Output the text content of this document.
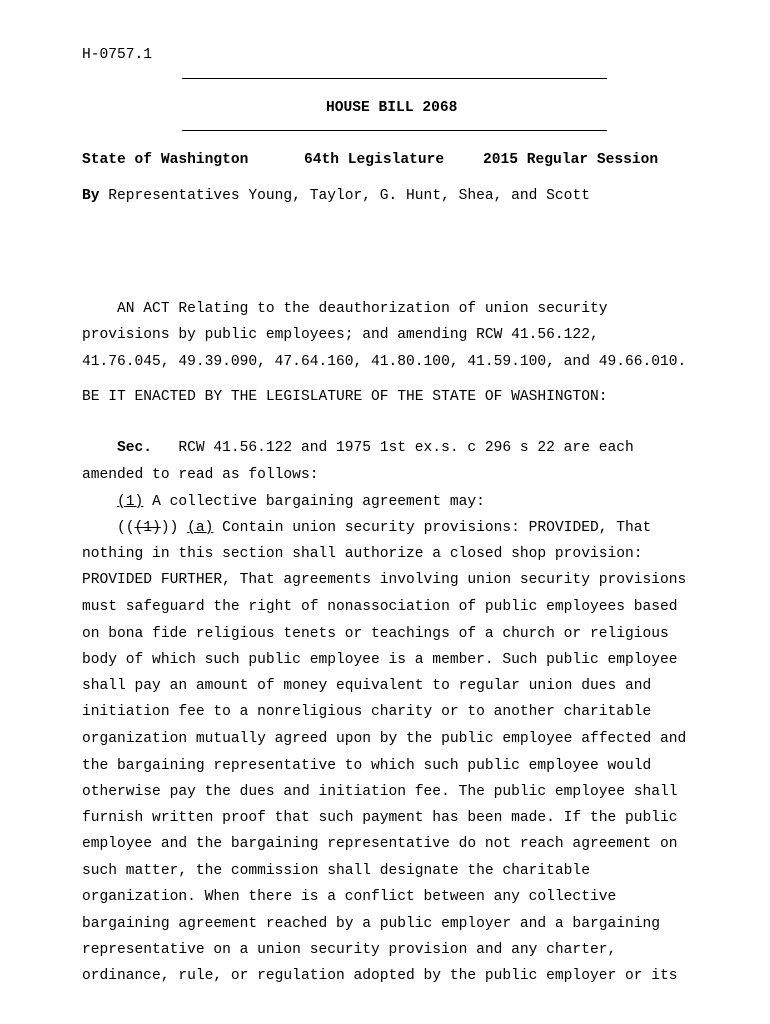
H-0757.1
HOUSE BILL 2068
State of Washington	64th Legislature	2015 Regular Session
By Representatives Young, Taylor, G. Hunt, Shea, and Scott
AN ACT Relating to the deauthorization of union security
provisions by public employees; and amending RCW 41.56.122,
41.76.045, 49.39.090, 47.64.160, 41.80.100, 41.59.100, and 49.66.010.
BE IT ENACTED BY THE LEGISLATURE OF THE STATE OF WASHINGTON:
Sec.   RCW 41.56.122 and 1975 1st ex.s. c 296 s 22 are each
amended to read as follows:
(1) A collective bargaining agreement may:
(((1))) (a) Contain union security provisions: PROVIDED, That
nothing in this section shall authorize a closed shop provision:
PROVIDED FURTHER, That agreements involving union security provisions
must safeguard the right of nonassociation of public employees based
on bona fide religious tenets or teachings of a church or religious
body of which such public employee is a member. Such public employee
shall pay an amount of money equivalent to regular union dues and
initiation fee to a nonreligious charity or to another charitable
organization mutually agreed upon by the public employee affected and
the bargaining representative to which such public employee would
otherwise pay the dues and initiation fee. The public employee shall
furnish written proof that such payment has been made. If the public
employee and the bargaining representative do not reach agreement on
such matter, the commission shall designate the charitable
organization. When there is a conflict between any collective
bargaining agreement reached by a public employer and a bargaining
representative on a union security provision and any charter,
ordinance, rule, or regulation adopted by the public employer or its
